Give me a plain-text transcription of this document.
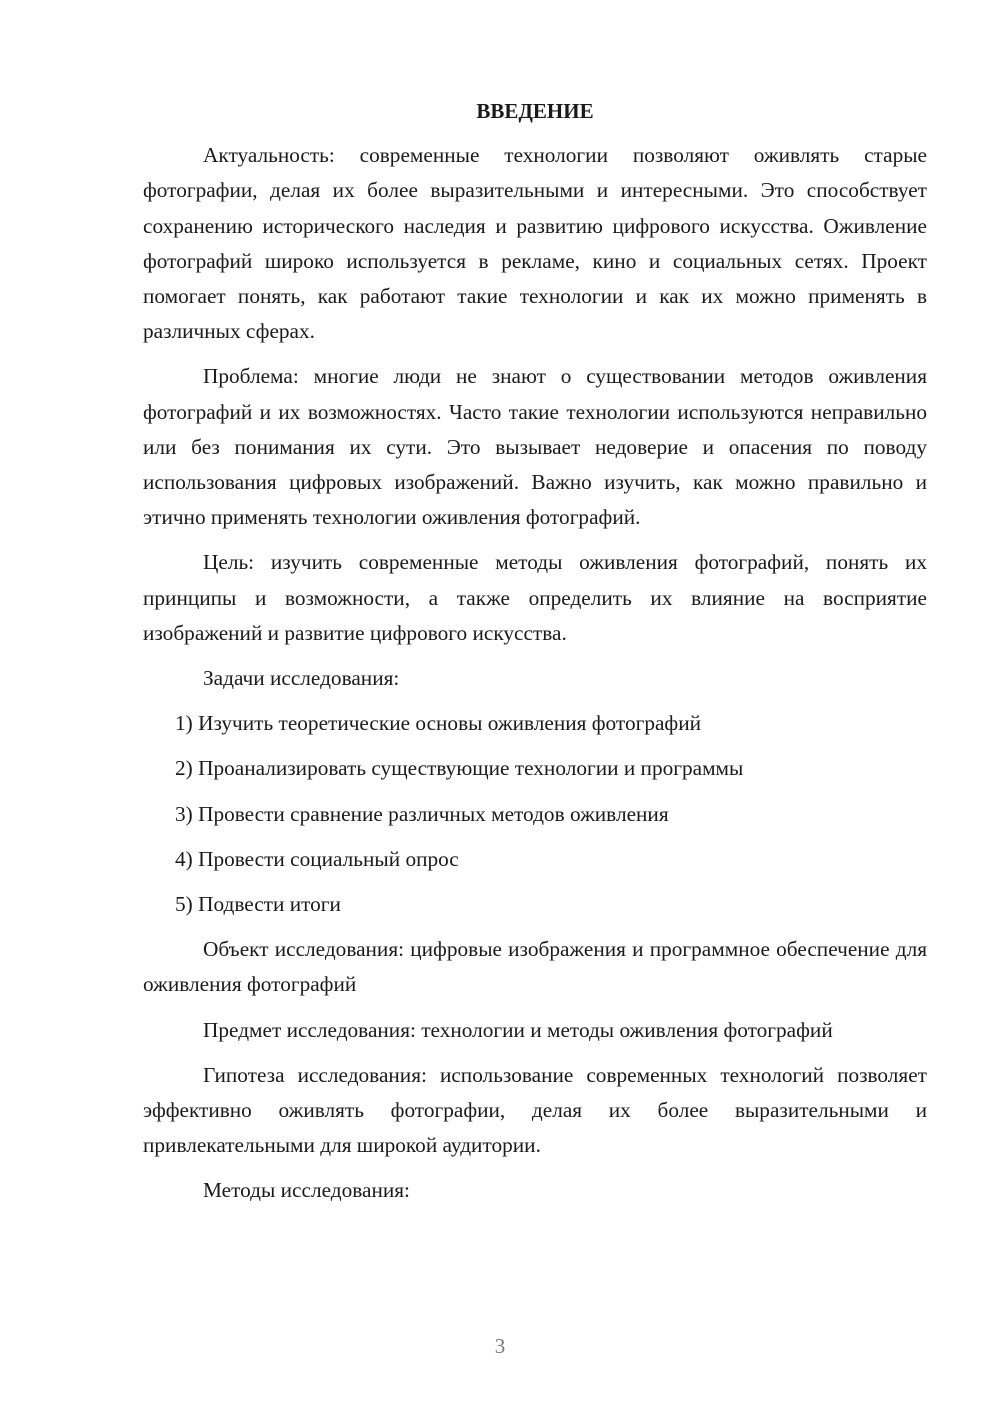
ВВЕДЕНИЕ

Актуальность: современные технологии позволяют оживлять старые фотографии, делая их более выразительными и интересными. Это способствует сохранению исторического наследия и развитию цифрового искусства. Оживление фотографий широко используется в рекламе, кино и социальных сетях. Проект помогает понять, как работают такие технологии и как их можно применять в различных сферах.

Проблема: многие люди не знают о существовании методов оживления фотографий и их возможностях. Часто такие технологии используются неправильно или без понимания их сути. Это вызывает недоверие и опасения по поводу использования цифровых изображений. Важно изучить, как можно правильно и этично применять технологии оживления фотографий.

Цель: изучить современные методы оживления фотографий, понять их принципы и возможности, а также определить их влияние на восприятие изображений и развитие цифрового искусства.

Задачи исследования:

1) Изучить теоретические основы оживления фотографий
2) Проанализировать существующие технологии и программы
3) Провести сравнение различных методов оживления
4) Провести социальный опрос
5) Подвести итоги

Объект исследования: цифровые изображения и программное обеспечение для оживления фотографий

Предмет исследования: технологии и методы оживления фотографий

Гипотеза исследования: использование современных технологий позволяет эффективно оживлять фотографии, делая их более выразительными и привлекательными для широкой аудитории.

Методы исследования:

3
